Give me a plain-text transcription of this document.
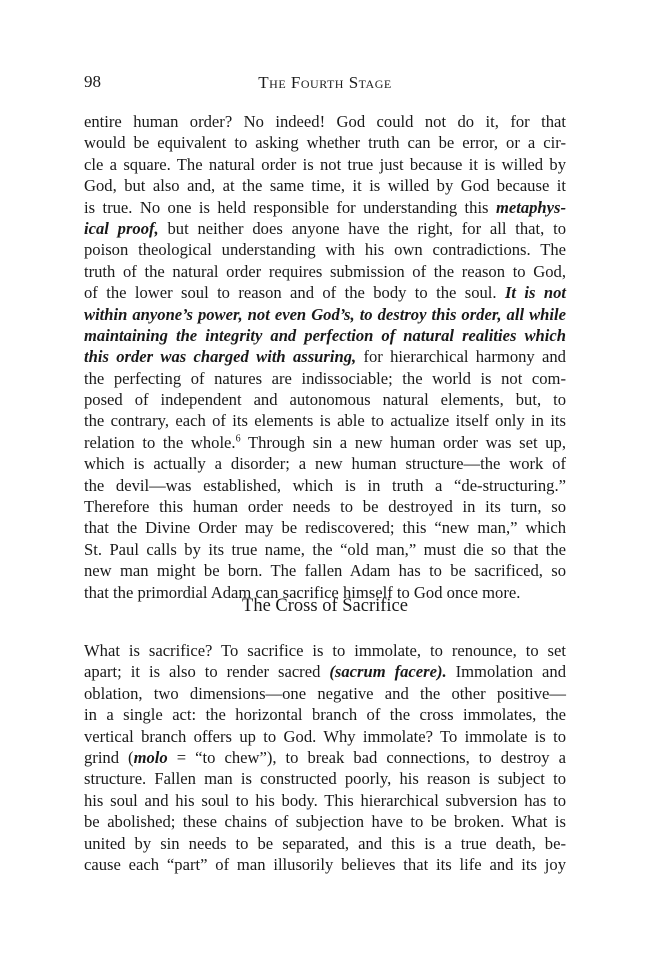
98	The Fourth Stage
entire human order? No indeed! God could not do it, for that
would be equivalent to asking whether truth can be error, or a cir-
cle a square. The natural order is not true just because it is willed by
God, but also and, at the same time, it is willed by God because it
is true. No one is held responsible for understanding this metaphys-
ical proof, but neither does anyone have the right, for all that, to
poison theological understanding with his own contradictions. The
truth of the natural order requires submission of the reason to God,
of the lower soul to reason and of the body to the soul. It is not
within anyone’s power, not even God’s, to destroy this order, all while
maintaining the integrity and perfection of natural realities which
this order was charged with assuring, for hierarchical harmony and
the perfecting of natures are indissociable; the world is not com-
posed of independent and autonomous natural elements, but, to
the contrary, each of its elements is able to actualize itself only in its
relation to the whole.$^6$ Through sin a new human order was set up,
which is actually a disorder; a new human structure—the work of
the devil—was established, which is in truth a “de-structuring.”
Therefore this human order needs to be destroyed in its turn, so
that the Divine Order may be rediscovered; this “new man,” which
St. Paul calls by its true name, the “old man,” must die so that the
new man might be born. The fallen Adam has to be sacrificed, so
that the primordial Adam can sacrifice himself to God once more.
The Cross of Sacrifice
What is sacrifice? To sacrifice is to immolate, to renounce, to set
apart; it is also to render sacred (sacrum facere). Immolation and
oblation, two dimensions—one negative and the other positive—
in a single act: the horizontal branch of the cross immolates, the
vertical branch offers up to God. Why immolate? To immolate is to
grind (molo = “to chew”), to break bad connections, to destroy a
structure. Fallen man is constructed poorly, his reason is subject to
his soul and his soul to his body. This hierarchical subversion has to
be abolished; these chains of subjection have to be broken. What is
united by sin needs to be separated, and this is a true death, be-
cause each “part” of man illusorily believes that its life and its joy
